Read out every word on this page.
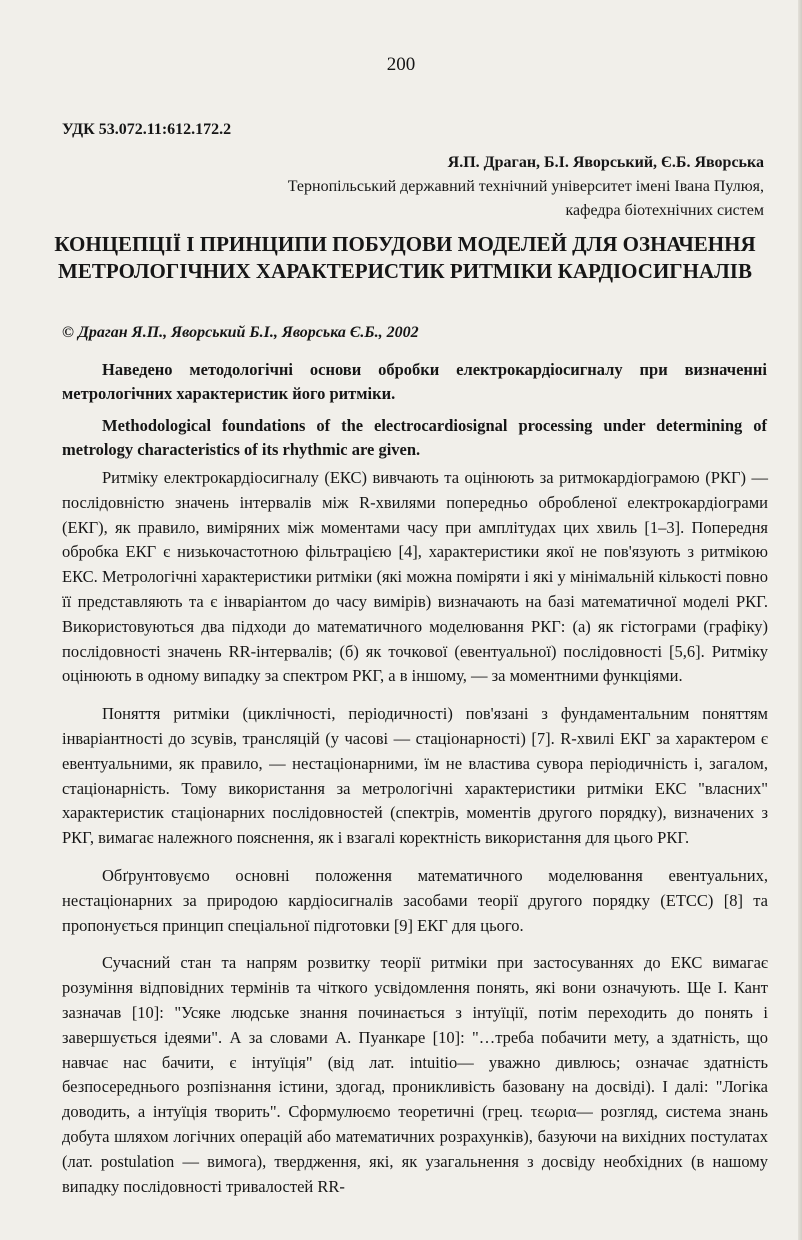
200
УДК 53.072.11:612.172.2
Я.П. Драган, Б.І. Яворський, Є.Б. Яворська
Тернопільський державний технічний університет імені Івана Пулюя,
кафедра біотехнічних систем
КОНЦЕПЦІЇ І ПРИНЦИПИ ПОБУДОВИ МОДЕЛЕЙ ДЛЯ ОЗНАЧЕННЯ МЕТРОЛОГІЧНИХ ХАРАКТЕРИСТИК РИТМІКИ КАРДІОСИГНАЛІВ
© Драган Я.П., Яворський Б.І., Яворська Є.Б., 2002
Наведено методологічні основи обробки електрокардіосигналу при визначенні метрологічних характеристик його ритміки.
Methodological foundations of the electrocardiosignal processing under determining of metrology characteristics of its rhythmic are given.

Ритміку електрокардіосигналу (ЕКС) вивчають та оцінюють за ритмокардіограмою (РКГ) — послідовністю значень інтервалів між R-хвилями попередньо обробленої електрокардіограми (ЕКГ), як правило, виміряних між моментами часу при амплітудах цих хвиль [1–3]. Попередня обробка ЕКГ є низькочастотною фільтрацією [4], характеристики якої не пов'язують з ритмікою ЕКС. Метрологічні характеристики ритміки (які можна поміряти і які у мінімальній кількості повно її представляють та є інваріантом до часу вимірів) визначають на базі математичної моделі РКГ. Використовуються два підходи до математичного моделювання РКГ: (а) як гістограми (графіку) послідовності значень RR-інтервалів; (б) як точкової (евентуальної) послідовності [5,6]. Ритміку оцінюють в одному випадку за спектром РКГ, а в іншому, — за моментними функціями.

Поняття ритміки (циклічності, періодичності) пов'язані з фундаментальним поняттям інваріантності до зсувів, трансляцій (у часові — стаціонарності) [7]. R-хвилі ЕКГ за характером є евентуальними, як правило, — нестаціонарними, їм не властива сувора періодичність і, загалом, стаціонарність. Тому використання за метрологічні характеристики ритміки ЕКС "власних" характеристик стаціонарних послідовностей (спектрів, моментів другого порядку), визначених з РКГ, вимагає належного пояснення, як і взагалі коректність використання для цього РКГ.

Обґрунтовуємо основні положення математичного моделювання евентуальних, нестаціонарних за природою кардіосигналів засобами теорії другого порядку (ЕТСС) [8] та пропонується принцип спеціальної підготовки [9] ЕКГ для цього.

Сучасний стан та напрям розвитку теорії ритміки при застосуваннях до ЕКС вимагає розуміння відповідних термінів та чіткого усвідомлення понять, які вони означують. Ще І. Кант зазначав [10]: "Усяке людське знання починається з інтуїції, потім переходить до понять і завершується ідеями". А за словами А. Пуанкаре [10]: "…треба побачити мету, а здатність, що навчає нас бачити, є інтуїція" (від лат. intuitio— уважно дивлюсь; означає здатність безпосереднього розпізнання істини, здогад, проникливість базовану на досвіді). І далі: "Логіка доводить, а інтуїція творить". Сформулюємо теоретичні (грец. τεωρια— розгляд, система знань добута шляхом логічних операцій або математичних розрахунків), базуючи на вихідних постулатах (лат. postulation — вимога), твердження, які, як узагальнення з досвіду необхідних (в нашому випадку послідовності тривалостей RR-
